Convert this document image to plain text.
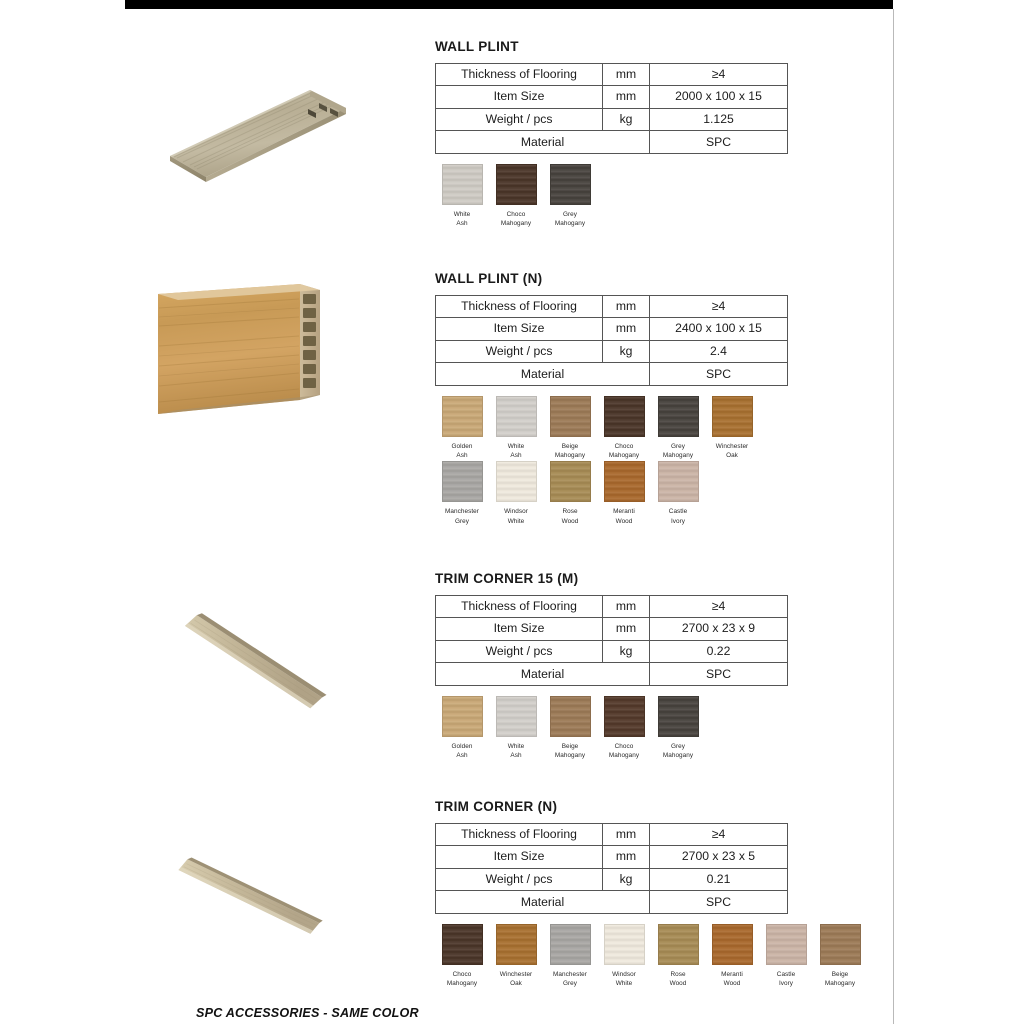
WALL PLINT
Thickness of Flooring	mm	≥4
Item Size	mm	2000 x 100 x 15
Weight / pcs	kg	1.125
Material		SPC
White
Ash
Choco
Mahogany
Grey
Mahogany
WALL PLINT (N)
Thickness of Flooring	mm	≥4
Item Size	mm	2400 x 100 x 15
Weight / pcs	kg	2.4
Material		SPC
Golden
Ash
White
Ash
Beige
Mahogany
Choco
Mahogany
Grey
Mahogany
Winchester
Oak
Manchester
Grey
Windsor
White
Rose
Wood
Meranti
Wood
Castle
Ivory
TRIM CORNER 15 (M)
Thickness of Flooring	mm	≥4
Item Size	mm	2700 x 23 x 9
Weight / pcs	kg	0.22
Material		SPC
Golden
Ash
White
Ash
Beige
Mahogany
Choco
Mahogany
Grey
Mahogany
TRIM CORNER (N)
Thickness of Flooring	mm	≥4
Item Size	mm	2700 x 23 x 5
Weight / pcs	kg	0.21
Material		SPC
Choco
Mahogany
Winchester
Oak
Manchester
Grey
Windsor
White
Rose
Wood
Meranti
Wood
Castle
Ivory
Beige
Mahogany
SPC ACCESSORIES - SAME COLOR
